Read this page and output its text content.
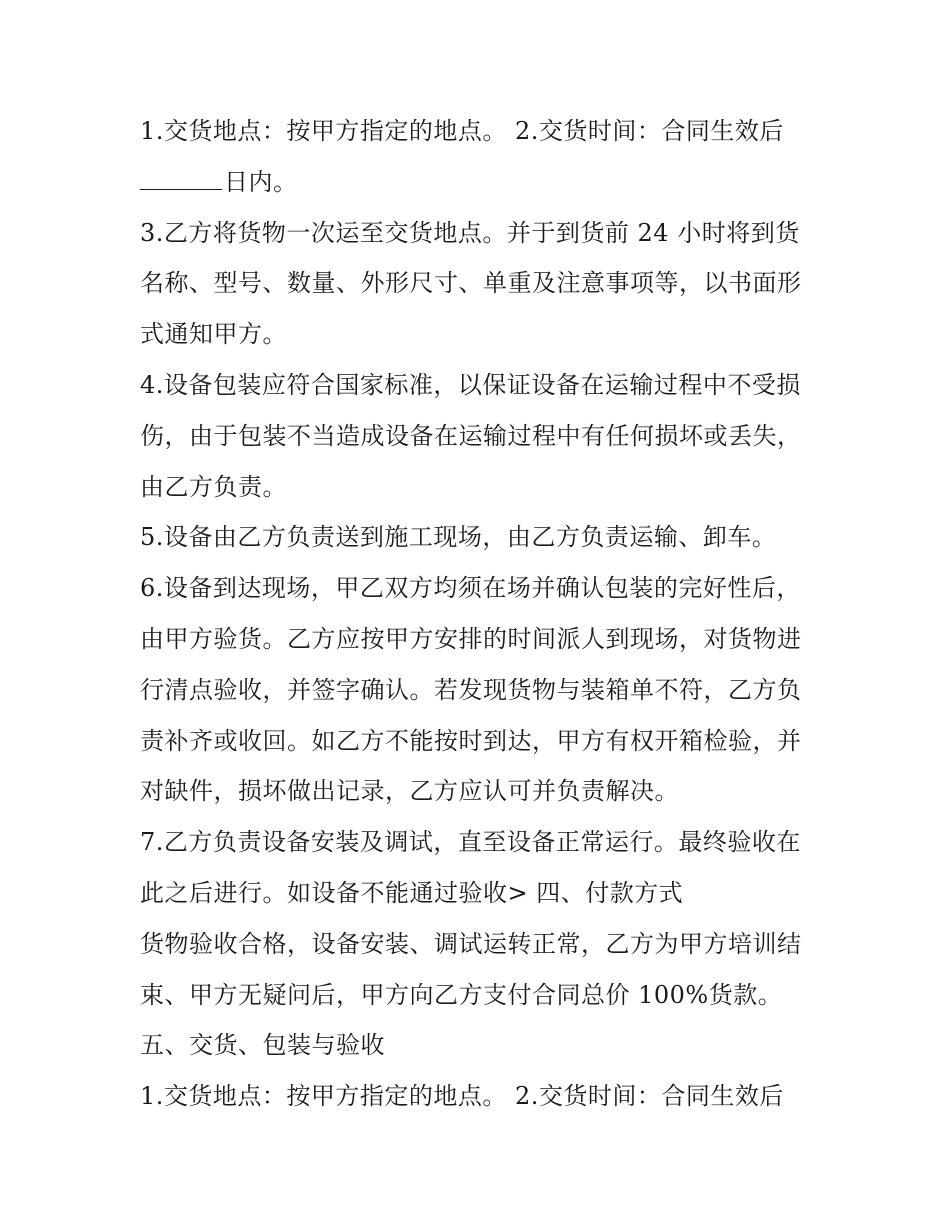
1.交货地点：按甲方指定的地点。 2.交货时间：合同生效后
日内。
3.乙方将货物一次运至交货地点。并于到货前 24 小时将到货
名称、型号、数量、外形尺寸、单重及注意事项等，以书面形
式通知甲方。
4.设备包装应符合国家标准，以保证设备在运输过程中不受损
伤，由于包装不当造成设备在运输过程中有任何损坏或丢失，
由乙方负责。
5.设备由乙方负责送到施工现场，由乙方负责运输、卸车。
6.设备到达现场，甲乙双方均须在场并确认包装的完好性后，
由甲方验货。乙方应按甲方安排的时间派人到现场，对货物进
行清点验收，并签字确认。若发现货物与装箱单不符，乙方负
责补齐或收回。如乙方不能按时到达，甲方有权开箱检验，并
对缺件，损坏做出记录，乙方应认可并负责解决。
7.乙方负责设备安装及调试，直至设备正常运行。最终验收在
此之后进行。如设备不能通过验收> 四、付款方式
货物验收合格，设备安装、调试运转正常，乙方为甲方培训结
束、甲方无疑问后，甲方向乙方支付合同总价 100%货款。
五、交货、包装与验收
1.交货地点：按甲方指定的地点。 2.交货时间：合同生效后
